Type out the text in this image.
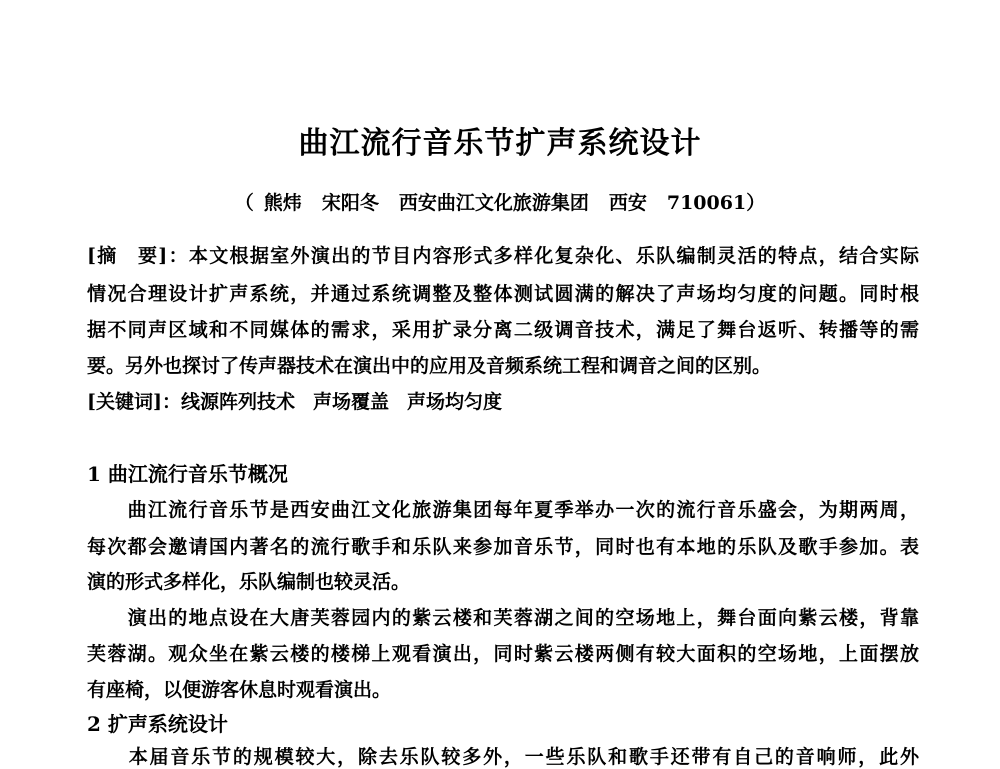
曲江流行音乐节扩声系统设计
（ 熊炜 宋阳冬 西安曲江文化旅游集团 西安 710061）
[摘　要]：本文根据室外演出的节目内容形式多样化复杂化、乐队编制灵活的特点，结合实际
情况合理设计扩声系统，并通过系统调整及整体测试圆满的解决了声场均匀度的问题。同时根
据不同声区域和不同媒体的需求，采用扩录分离二级调音技术，满足了舞台返听、转播等的需
要。另外也探讨了传声器技术在演出中的应用及音频系统工程和调音之间的区别。
[关键词]：线源阵列技术 声场覆盖 声场均匀度
1 曲江流行音乐节概况
　　曲江流行音乐节是西安曲江文化旅游集团每年夏季举办一次的流行音乐盛会，为期两周，
每次都会邀请国内著名的流行歌手和乐队来参加音乐节，同时也有本地的乐队及歌手参加。表
演的形式多样化，乐队编制也较灵活。
　　演出的地点设在大唐芙蓉园内的紫云楼和芙蓉湖之间的空场地上，舞台面向紫云楼，背靠
芙蓉湖。观众坐在紫云楼的楼梯上观看演出，同时紫云楼两侧有较大面积的空场地，上面摆放
有座椅，以便游客休息时观看演出。
2 扩声系统设计
　　本届音乐节的规模较大，除去乐队较多外，一些乐队和歌手还带有自己的音响师，此外
